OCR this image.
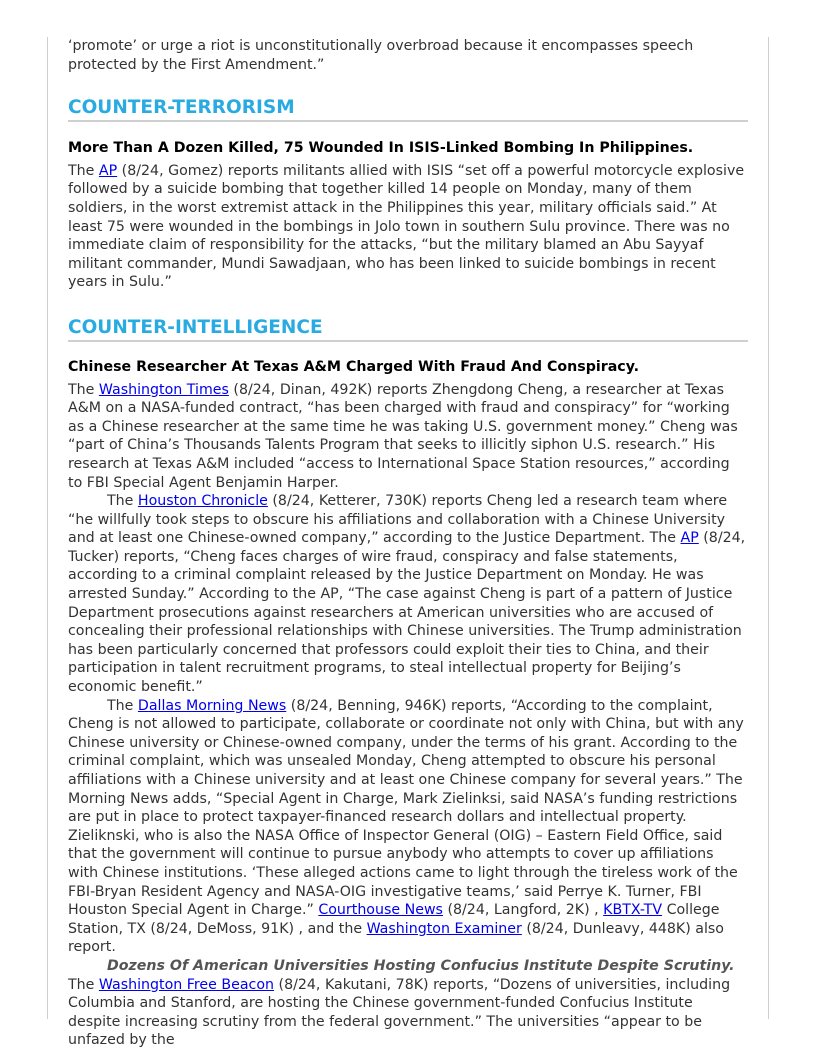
‘promote’ or urge a riot is unconstitutionally overbroad because it encompasses speech protected by the First Amendment.”

COUNTER-TERRORISM
More Than A Dozen Killed, 75 Wounded In ISIS-Linked Bombing In Philippines.

The AP (8/24, Gomez) reports militants allied with ISIS “set off a powerful motorcycle explosive followed by a suicide bombing that together killed 14 people on Monday, many of them soldiers, in the worst extremist attack in the Philippines this year, military officials said.” At least 75 were wounded in the bombings in Jolo town in southern Sulu province. There was no immediate claim of responsibility for the attacks, “but the military blamed an Abu Sayyaf militant commander, Mundi Sawadjaan, who has been linked to suicide bombings in recent years in Sulu.”

COUNTER-INTELLIGENCE
Chinese Researcher At Texas A&M Charged With Fraud And Conspiracy.

The Washington Times (8/24, Dinan, 492K) reports Zhengdong Cheng, a researcher at Texas A&M on a NASA-funded contract, “has been charged with fraud and conspiracy” for “working as a Chinese researcher at the same time he was taking U.S. government money.” Cheng was “part of China’s Thousands Talents Program that seeks to illicitly siphon U.S. research.” His research at Texas A&M included “access to International Space Station resources,” according to FBI Special Agent Benjamin Harper.

The Houston Chronicle (8/24, Ketterer, 730K) reports Cheng led a research team where “he willfully took steps to obscure his affiliations and collaboration with a Chinese University and at least one Chinese-owned company,” according to the Justice Department. The AP (8/24, Tucker) reports, “Cheng faces charges of wire fraud, conspiracy and false statements, according to a criminal complaint released by the Justice Department on Monday. He was arrested Sunday.” According to the AP, “The case against Cheng is part of a pattern of Justice Department prosecutions against researchers at American universities who are accused of concealing their professional relationships with Chinese universities. The Trump administration has been particularly concerned that professors could exploit their ties to China, and their participation in talent recruitment programs, to steal intellectual property for Beijing’s economic benefit.”

The Dallas Morning News (8/24, Benning, 946K) reports, “According to the complaint, Cheng is not allowed to participate, collaborate or coordinate not only with China, but with any Chinese university or Chinese-owned company, under the terms of his grant. According to the criminal complaint, which was unsealed Monday, Cheng attempted to obscure his personal affiliations with a Chinese university and at least one Chinese company for several years.” The Morning News adds, “Special Agent in Charge, Mark Zielinksi, said NASA’s funding restrictions are put in place to protect taxpayer-financed research dollars and intellectual property. Zieliknski, who is also the NASA Office of Inspector General (OIG) – Eastern Field Office, said that the government will continue to pursue anybody who attempts to cover up affiliations with Chinese institutions. ‘These alleged actions came to light through the tireless work of the FBI-Bryan Resident Agency and NASA-OIG investigative teams,’ said Perrye K. Turner, FBI Houston Special Agent in Charge.” Courthouse News (8/24, Langford, 2K) , KBTX-TV College Station, TX (8/24, DeMoss, 91K) , and the Washington Examiner (8/24, Dunleavy, 448K) also report.

Dozens Of American Universities Hosting Confucius Institute Despite Scrutiny.

The Washington Free Beacon (8/24, Kakutani, 78K) reports, “Dozens of universities, including Columbia and Stanford, are hosting the Chinese government-funded Confucius Institute despite increasing scrutiny from the federal government.” The universities “appear to be unfazed by the
